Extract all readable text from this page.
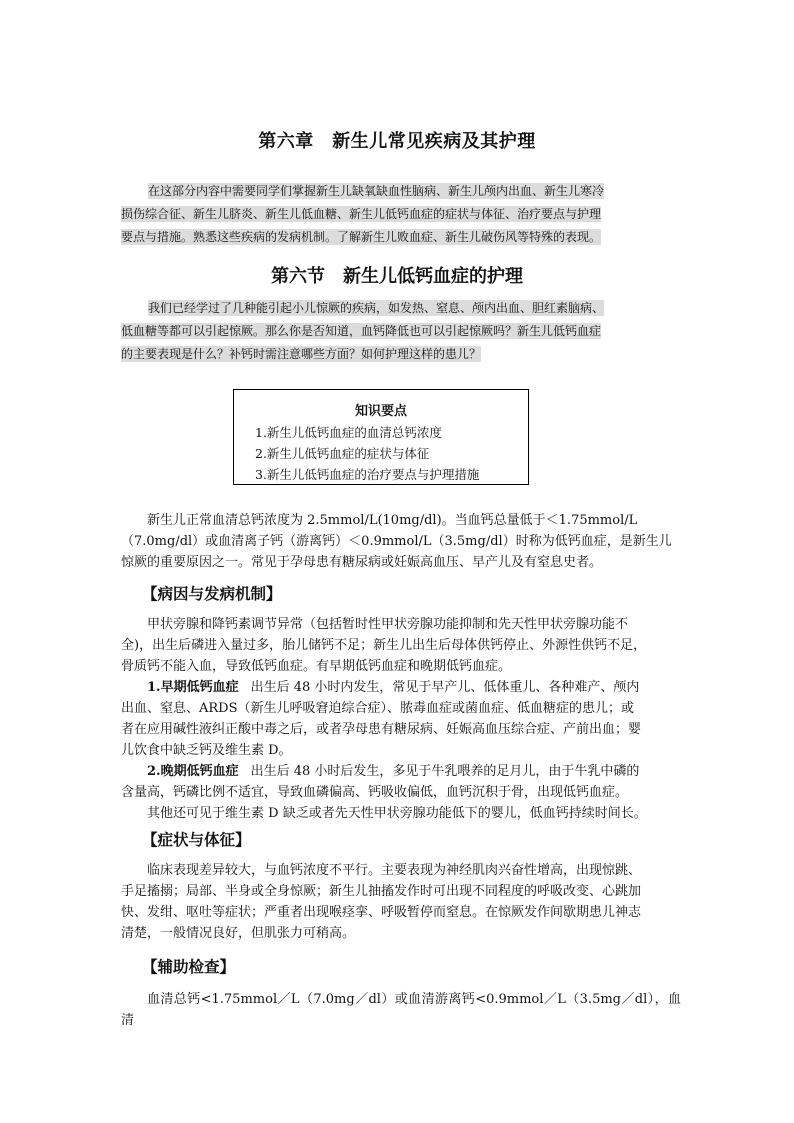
第六章　新生儿常见疾病及其护理

在这部分内容中需要同学们掌握新生儿缺氧缺血性脑病、新生儿颅内出血、新生儿寒冷

损伤综合征、新生儿脐炎、新生儿低血糖、新生儿低钙血症的症状与体征、治疗要点与护理

要点与措施。熟悉这些疾病的发病机制。了解新生儿败血症、新生儿破伤风等特殊的表现。

第六节　新生儿低钙血症的护理

我们已经学过了几种能引起小儿惊厥的疾病，如发热、窒息、颅内出血、胆红素脑病、

低血糖等都可以引起惊厥。那么你是否知道，血钙降低也可以引起惊厥吗？新生儿低钙血症

的主要表现是什么？补钙时需注意哪些方面？如何护理这样的患儿？

知识要点
1.新生儿低钙血症的血清总钙浓度
2.新生儿低钙血症的症状与体征
3.新生儿低钙血症的治疗要点与护理措施

新生儿正常血清总钙浓度为 2.5mmol/L(10mg/dl)。当血钙总量低于＜1.75mmol/L

（7.0mg/dl）或血清离子钙（游离钙）＜0.9mmol/L（3.5mg/dl）时称为低钙血症，是新生儿

惊厥的重要原因之一。常见于孕母患有糖尿病或妊娠高血压、早产儿及有窒息史者。

【病因与发病机制】

甲状旁腺和降钙素调节异常（包括暂时性甲状旁腺功能抑制和先天性甲状旁腺功能不

全)，出生后磷进入量过多，胎儿储钙不足；新生儿出生后母体供钙停止、外源性供钙不足，

骨质钙不能入血，导致低钙血症。有早期低钙血症和晚期低钙血症。

1.早期低钙血症 出生后 48 小时内发生，常见于早产儿、低体重儿、各种难产、颅内

出血、窒息、ARDS（新生儿呼吸窘迫综合症）、脓毒血症或菌血症、低血糖症的患儿；或

者在应用碱性液纠正酸中毒之后，或者孕母患有糖尿病、妊娠高血压综合症、产前出血；婴

儿饮食中缺乏钙及维生素 D。

2.晚期低钙血症 出生后 48 小时后发生，多见于牛乳喂养的足月儿，由于牛乳中磷的

含量高，钙磷比例不适宜，导致血磷偏高、钙吸收偏低，血钙沉积于骨，出现低钙血症。

其他还可见于维生素 D 缺乏或者先天性甲状旁腺功能低下的婴儿，低血钙持续时间长。

【症状与体征】

临床表现差异较大，与血钙浓度不平行。主要表现为神经肌肉兴奋性增高，出现惊跳、

手足搐搦；局部、半身或全身惊厥；新生儿抽搐发作时可出现不同程度的呼吸改变、心跳加

快、发绀、呕吐等症状；严重者出现喉痉挛、呼吸暂停而窒息。在惊厥发作间歇期患儿神志

清楚，一般情况良好，但肌张力可稍高。

【辅助检查】

血清总钙<1.75mmol／L（7.0mg／dl）或血清游离钙<0.9mmol／L（3.5mg／dl），血清
